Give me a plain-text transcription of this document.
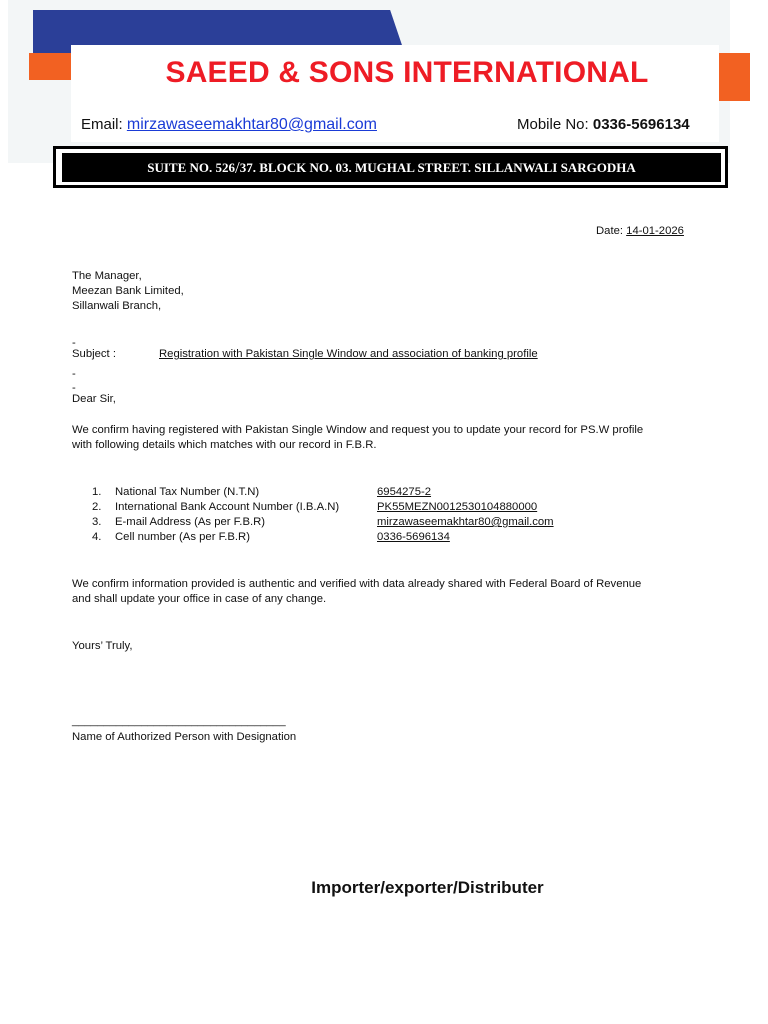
SAEED & SONS INTERNATIONAL
Email: mirzawaseemakhtar80@gmail.com	Mobile No: 0336-5696134
SUITE NO. 526 / 37. BLOCK NO. 03. MUGHAL STREET. SILLANWALI SARGODHA
Date: 14-01-2026
The Manager,
Meezan Bank Limited,
Sillanwali Branch,
-
Subject :	Registration with Pakistan Single Window and association of banking profile
-
-
Dear Sir,
We confirm having registered with Pakistan Single Window and request you to update your record for PS.W profile
with following details which matches with our record in F.B.R.
1. National Tax Number (N.T.N)	6954275-2
2. International Bank Account Number (I.B.A.N)	PK55MEZN0012530104880000
3. E-mail Address (As per F.B.R)	mirzawaseemakhtar80@gmail.com
4. Cell number (As per F.B.R)	0336-5696134
We confirm information provided is authentic and verified with data already shared with Federal Board of Revenue
and shall update your office in case of any change.
Yours’ Truly,
__________________________________
Name of Authorized Person with Designation
Importer/exporter/Distributer
